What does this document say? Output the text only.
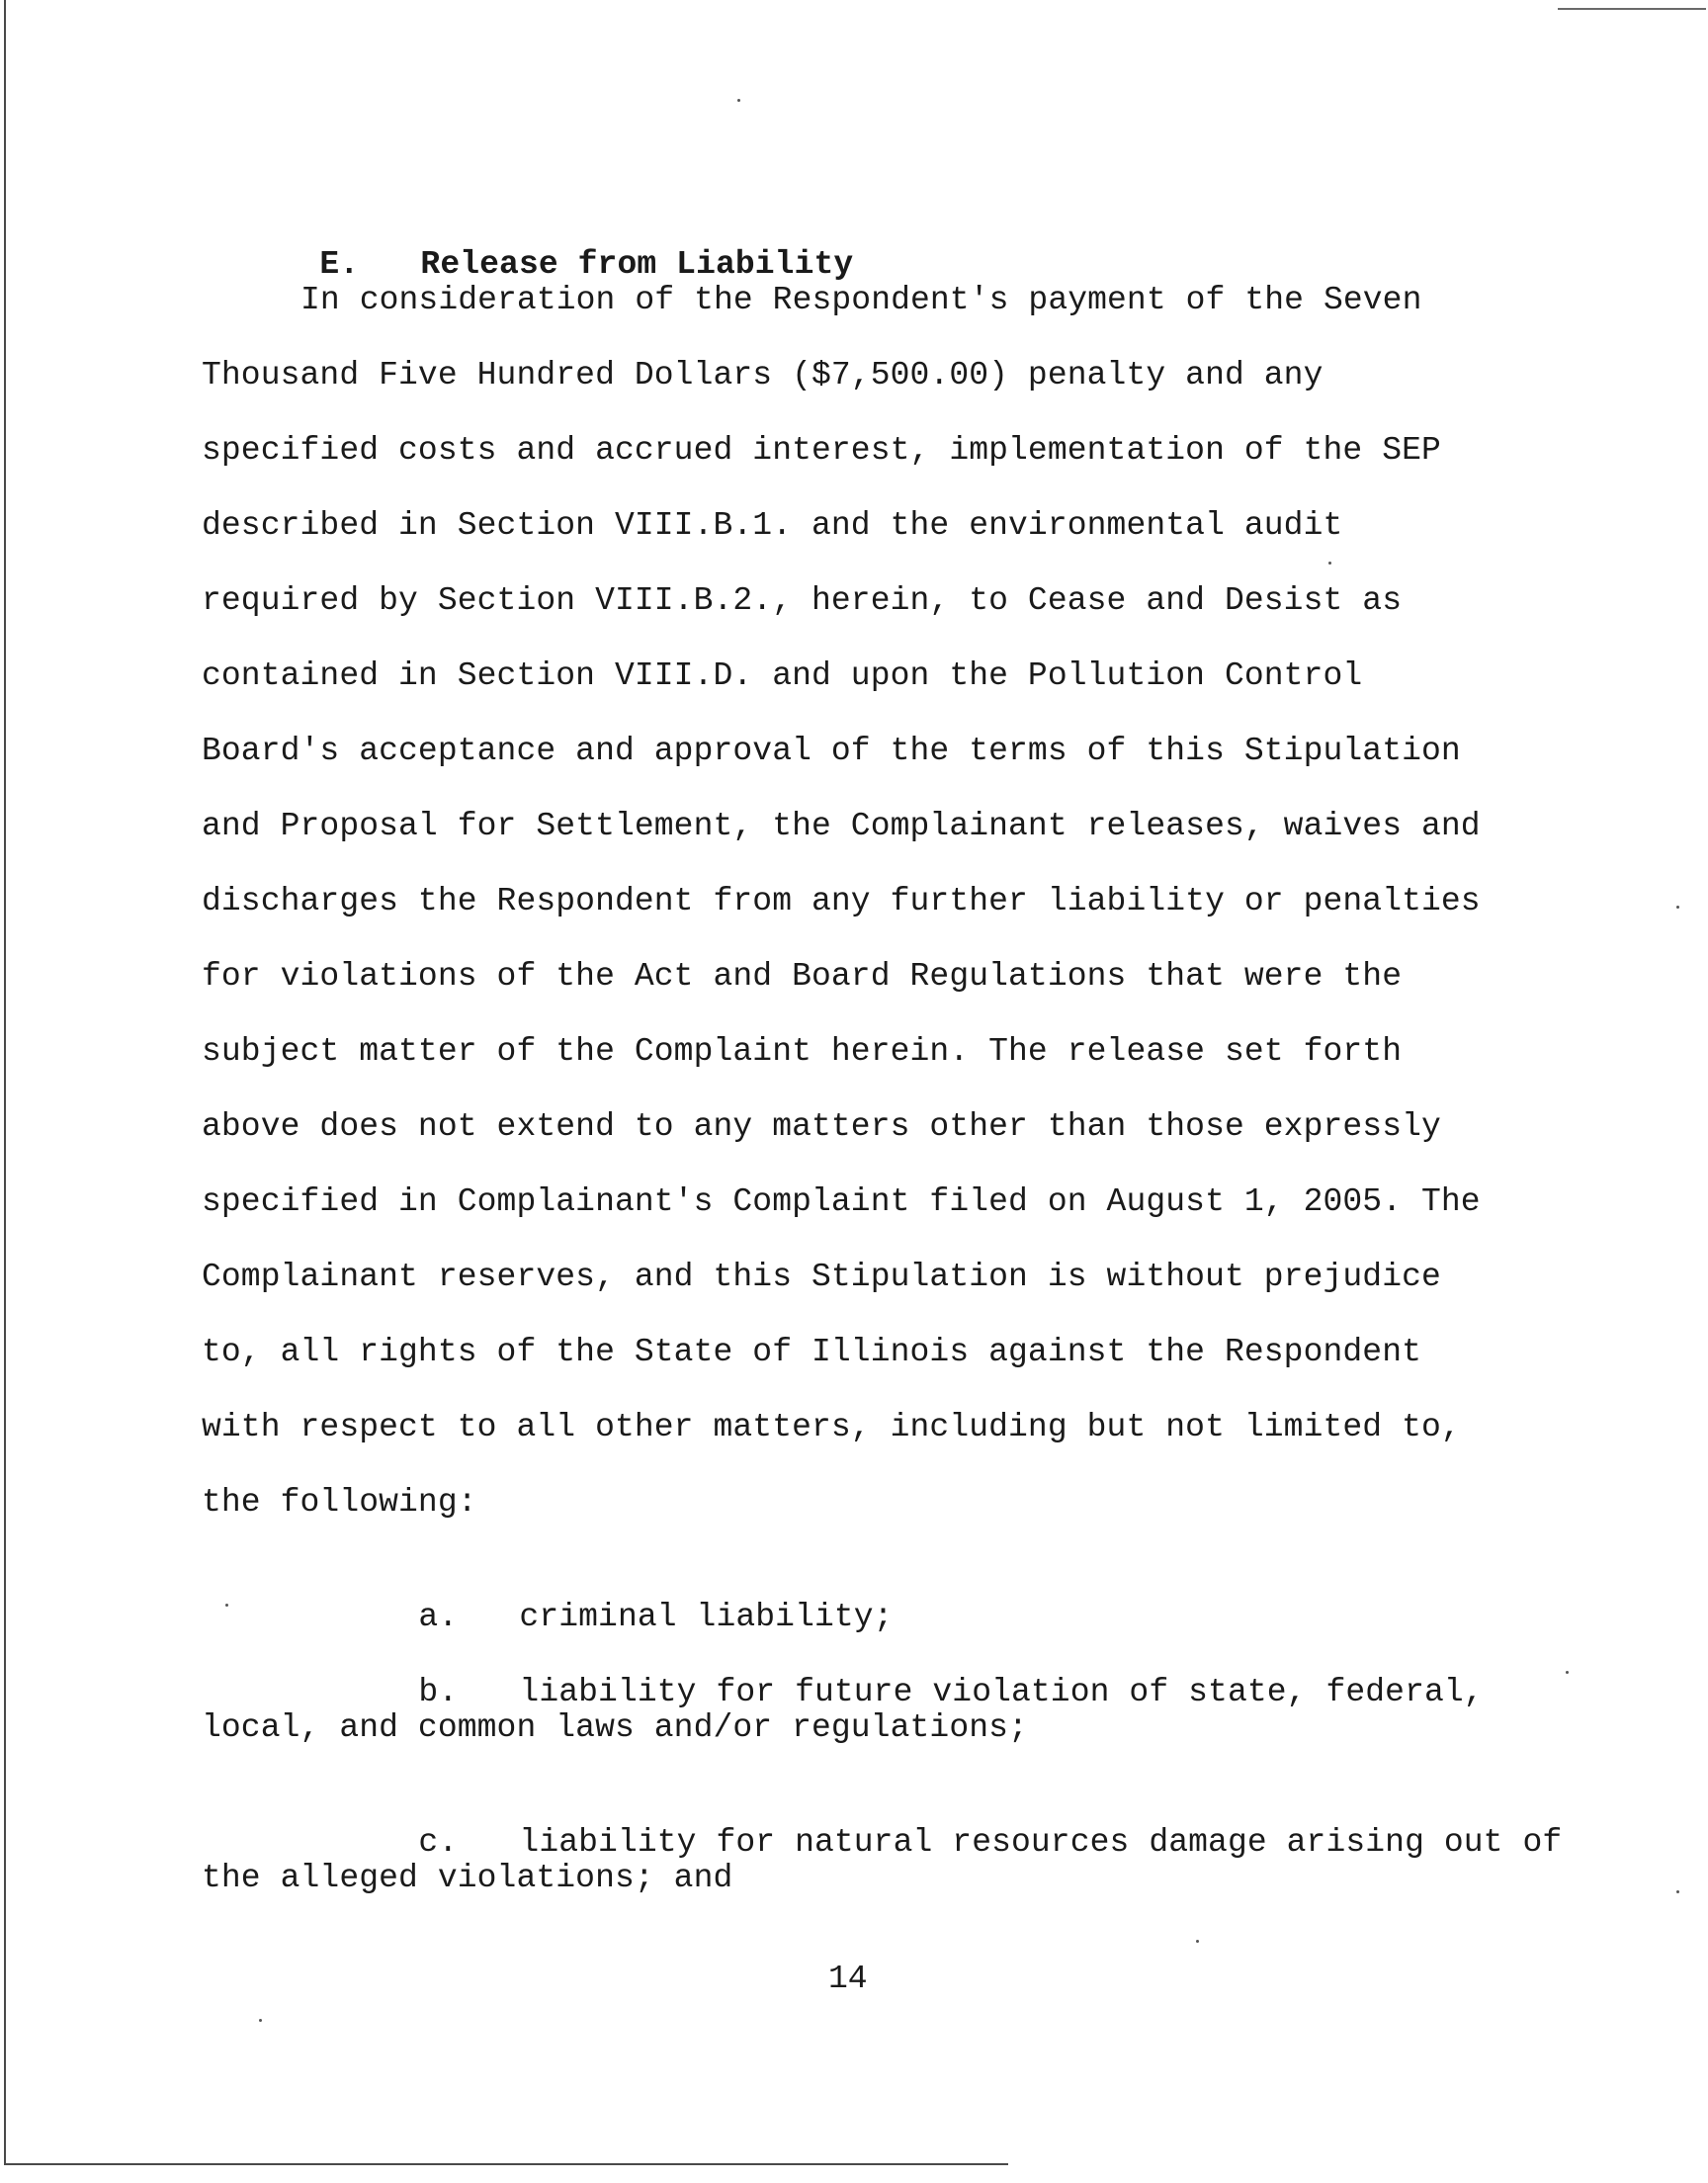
E. Release from Liability

In consideration of the Respondent's payment of the Seven
Thousand Five Hundred Dollars ($7,500.00) penalty and any
specified costs and accrued interest, implementation of the SEP
described in Section VIII.B.1. and the environmental audit
required by Section VIII.B.2., herein, to Cease and Desist as
contained in Section VIII.D. and upon the Pollution Control
Board's acceptance and approval of the terms of this Stipulation
and Proposal for Settlement, the Complainant releases, waives and
discharges the Respondent from any further liability or penalties
for violations of the Act and Board Regulations that were the
subject matter of the Complaint herein. The release set forth
above does not extend to any matters other than those expressly
specified in Complainant's Complaint filed on August 1, 2005. The
Complainant reserves, and this Stipulation is without prejudice
to, all rights of the State of Illinois against the Respondent
with respect to all other matters, including but not limited to,
the following:

a. criminal liability;

b. liability for future violation of state, federal,

local, and common laws and/or regulations;

c. liability for natural resources damage arising out of

the alleged violations; and
14
